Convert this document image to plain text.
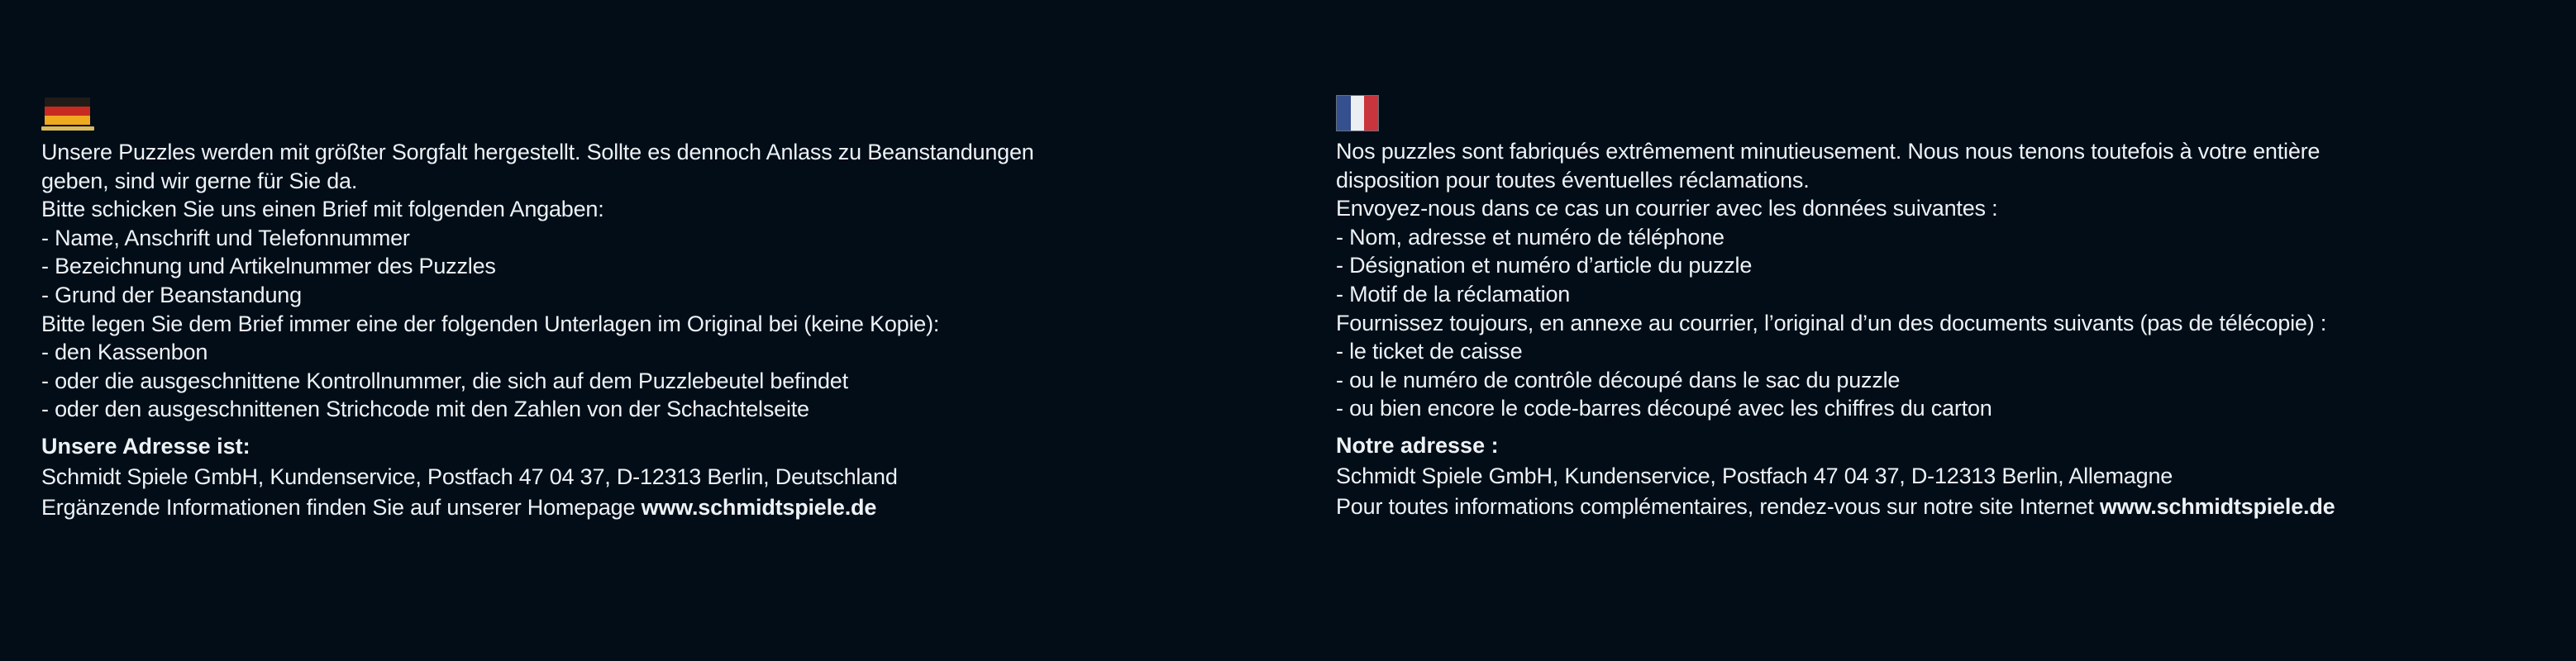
Unsere Puzzles werden mit größter Sorgfalt hergestellt. Sollte es dennoch Anlass zu Beanstandungen
geben, sind wir gerne für Sie da.
Bitte schicken Sie uns einen Brief mit folgenden Angaben:
- Name, Anschrift und Telefonnummer
- Bezeichnung und Artikelnummer des Puzzles
- Grund der Beanstandung
Bitte legen Sie dem Brief immer eine der folgenden Unterlagen im Original bei (keine Kopie):
- den Kassenbon
- oder die ausgeschnittene Kontrollnummer, die sich auf dem Puzzlebeutel befindet
- oder den ausgeschnittenen Strichcode mit den Zahlen von der Schachtelseite
Unsere Adresse ist:
Schmidt Spiele GmbH, Kundenservice, Postfach 47 04 37, D-12313 Berlin, Deutschland
Ergänzende Informationen finden Sie auf unserer Homepage www.schmidtspiele.de
Nos puzzles sont fabriqués extrêmement minutieusement. Nous nous tenons toutefois à votre entière
disposition pour toutes éventuelles réclamations.
Envoyez-nous dans ce cas un courrier avec les données suivantes :
- Nom, adresse et numéro de téléphone
- Désignation et numéro d’article du puzzle
- Motif de la réclamation
Fournissez toujours, en annexe au courrier, l’original d’un des documents suivants (pas de télécopie) :
- le ticket de caisse
- ou le numéro de contrôle découpé dans le sac du puzzle
- ou bien encore le code-barres découpé avec les chiffres du carton
Notre adresse :
Schmidt Spiele GmbH, Kundenservice, Postfach 47 04 37, D-12313 Berlin, Allemagne
Pour toutes informations complémentaires, rendez-vous sur notre site Internet www.schmidtspiele.de
